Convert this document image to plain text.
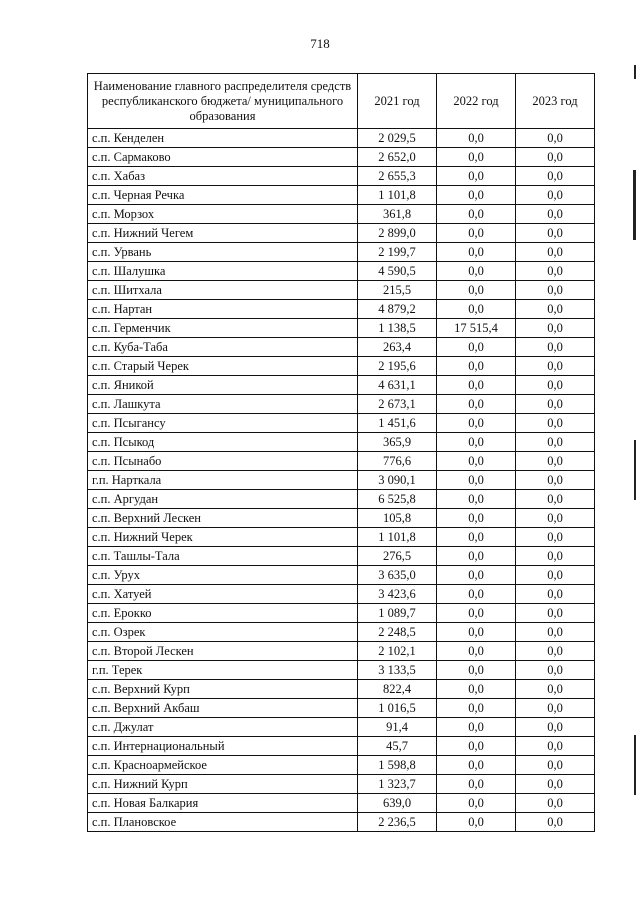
718
Наименование главного распределителя средств республиканского бюджета/ муниципального образования	2021 год	2022 год	2023 год
с.п. Кенделен	2 029,5	0,0	0,0
с.п. Сармаково	2 652,0	0,0	0,0
с.п. Хабаз	2 655,3	0,0	0,0
с.п. Черная Речка	1 101,8	0,0	0,0
с.п. Морзох	361,8	0,0	0,0
с.п. Нижний Чегем	2 899,0	0,0	0,0
с.п. Урвань	2 199,7	0,0	0,0
с.п. Шалушка	4 590,5	0,0	0,0
с.п. Шитхала	215,5	0,0	0,0
с.п. Нартан	4 879,2	0,0	0,0
с.п. Герменчик	1 138,5	17 515,4	0,0
с.п. Куба-Таба	263,4	0,0	0,0
с.п. Старый Черек	2 195,6	0,0	0,0
с.п. Яникой	4 631,1	0,0	0,0
с.п. Лашкута	2 673,1	0,0	0,0
с.п. Псыгансу	1 451,6	0,0	0,0
с.п. Псыкод	365,9	0,0	0,0
с.п. Псынабо	776,6	0,0	0,0
г.п. Нарткала	3 090,1	0,0	0,0
с.п. Аргудан	6 525,8	0,0	0,0
с.п. Верхний Лескен	105,8	0,0	0,0
с.п. Нижний Черек	1 101,8	0,0	0,0
с.п. Ташлы-Тала	276,5	0,0	0,0
с.п. Урух	3 635,0	0,0	0,0
с.п. Хатуей	3 423,6	0,0	0,0
с.п. Ерокко	1 089,7	0,0	0,0
с.п. Озрек	2 248,5	0,0	0,0
с.п. Второй Лескен	2 102,1	0,0	0,0
г.п. Терек	3 133,5	0,0	0,0
с.п. Верхний Курп	822,4	0,0	0,0
с.п. Верхний Акбаш	1 016,5	0,0	0,0
с.п. Джулат	91,4	0,0	0,0
с.п. Интернациональный	45,7	0,0	0,0
с.п. Красноармейское	1 598,8	0,0	0,0
с.п. Нижний Курп	1 323,7	0,0	0,0
с.п. Новая Балкария	639,0	0,0	0,0
с.п. Плановское	2 236,5	0,0	0,0
